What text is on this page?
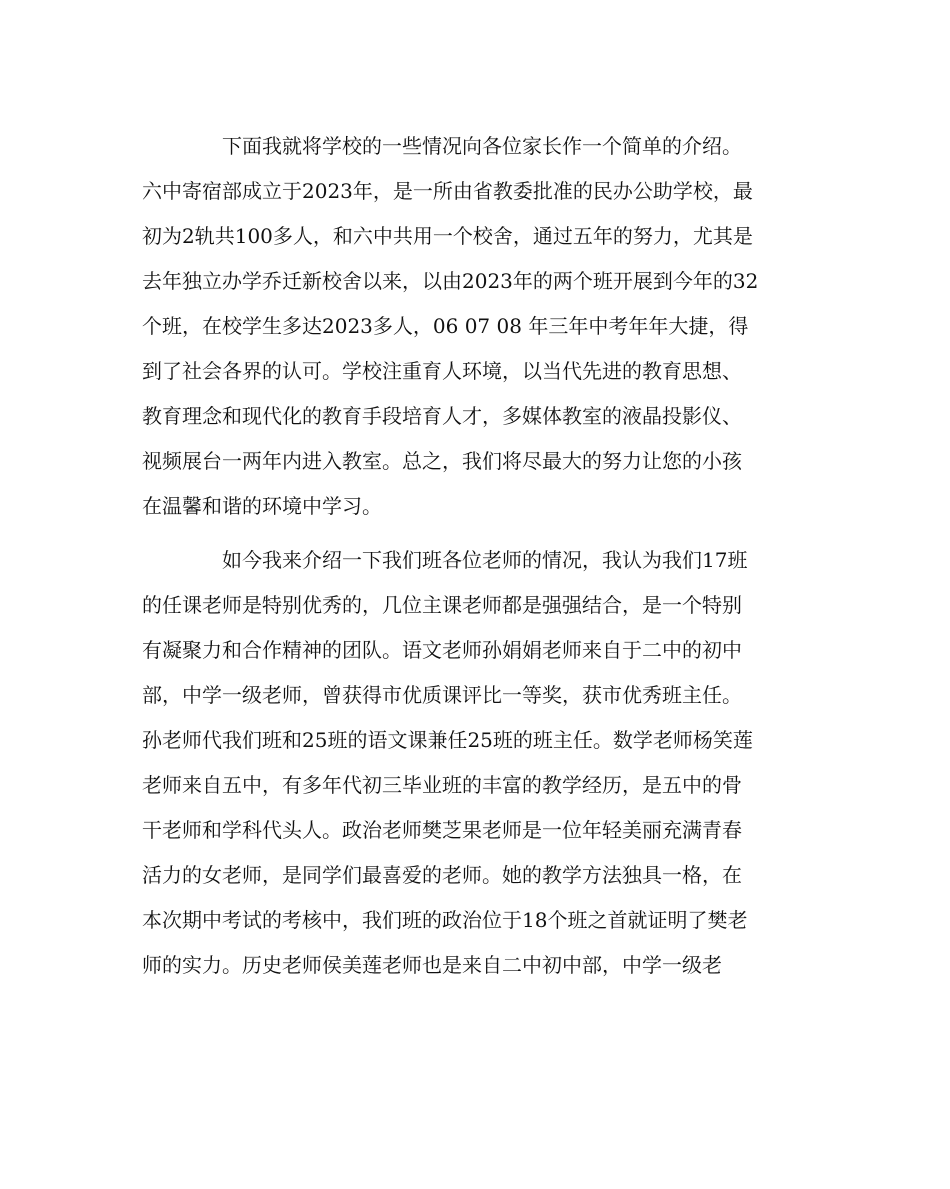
下面我就将学校的一些情况向各位家长作一个简单的介绍。
六中寄宿部成立于2023年，是一所由省教委批准的民办公助学校，最
初为2轨共100多人，和六中共用一个校舍，通过五年的努力，尤其是
去年独立办学乔迁新校舍以来，以由2023年的两个班开展到今年的32
个班，在校学生多达2023多人，06 07 08 年三年中考年年大捷，得
到了社会各界的认可。学校注重育人环境，以当代先进的教育思想、
教育理念和现代化的教育手段培育人才，多媒体教室的液晶投影仪、
视频展台一两年内进入教室。总之，我们将尽最大的努力让您的小孩
在温馨和谐的环境中学习。
如今我来介绍一下我们班各位老师的情况，我认为我们17班
的任课老师是特别优秀的，几位主课老师都是强强结合，是一个特别
有凝聚力和合作精神的团队。语文老师孙娟娟老师来自于二中的初中
部，中学一级老师，曾获得市优质课评比一等奖，获市优秀班主任。
孙老师代我们班和25班的语文课兼任25班的班主任。数学老师杨笑莲
老师来自五中，有多年代初三毕业班的丰富的教学经历，是五中的骨
干老师和学科代头人。政治老师樊芝果老师是一位年轻美丽充满青春
活力的女老师，是同学们最喜爱的老师。她的教学方法独具一格，在
本次期中考试的考核中，我们班的政治位于18个班之首就证明了樊老
师的实力。历史老师侯美莲老师也是来自二中初中部，中学一级老
